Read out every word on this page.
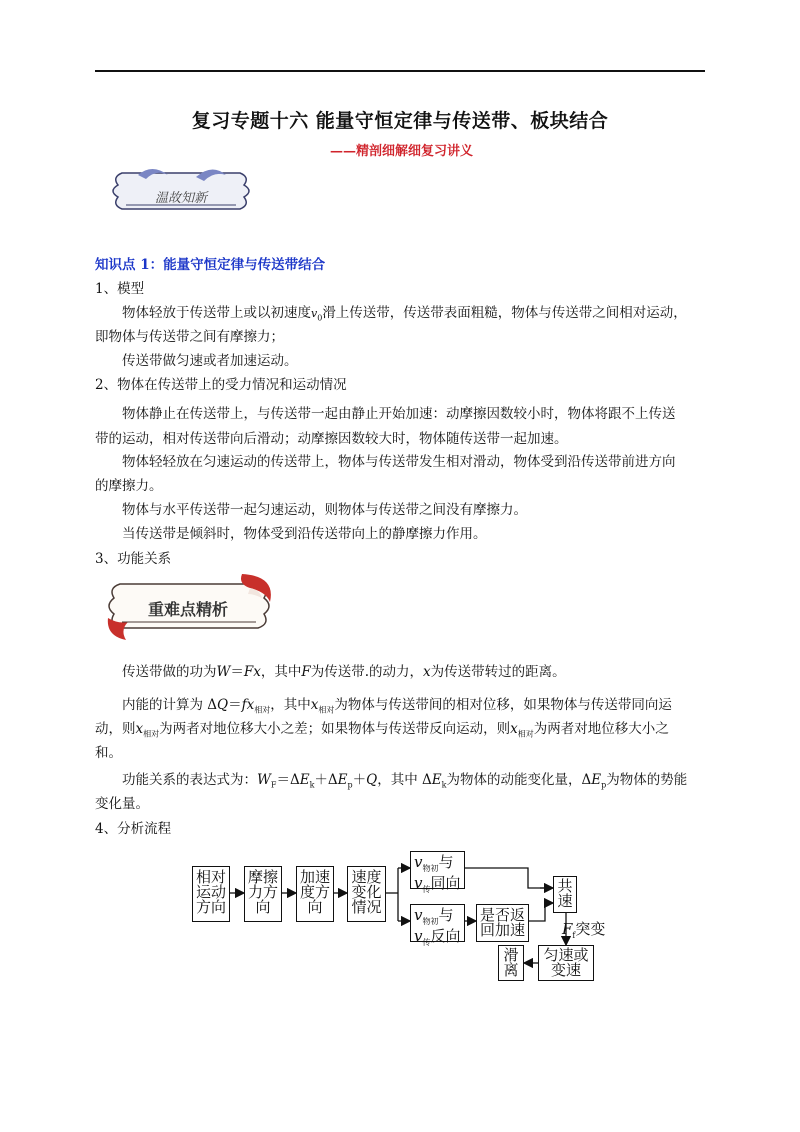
复习专题十六 能量守恒定律与传送带、板块结合
——精剖细解细复习讲义
温故知新
知识点 1：能量守恒定律与传送带结合
1、模型
物体轻放于传送带上或以初速度$v_0$滑上传送带，传送带表面粗糙，物体与传送带之间相对运动，
即物体与传送带之间有摩擦力；
传送带做匀速或者加速运动。
2、物体在传送带上的受力情况和运动情况
物体静止在传送带上，与传送带一起由静止开始加速：动摩擦因数较小时，物体将跟不上传送
带的运动，相对传送带向后滑动；动摩擦因数较大时，物体随传送带一起加速。
物体轻轻放在匀速运动的传送带上，物体与传送带发生相对滑动，物体受到沿传送带前进方向
的摩擦力。
物体与水平传送带一起匀速运动，则物体与传送带之间没有摩擦力。
当传送带是倾斜时，物体受到沿传送带向上的静摩擦力作用。
3、功能关系
重难点精析
传送带做的功为W＝Fx，其中F为传送带.的动力，x为传送带转过的距离。
内能的计算为 $\Delta Q=fx_{相对}$，其中$x_{相对}$为物体与传送带间的相对位移，如果物体与传送带同向运
动，则$x_{相对}$为两者对地位移大小之差；如果物体与传送带反向运动，则$x_{相对}$为两者对地位移大小之
和。
功能关系的表达式为：$W_F=\Delta E_k+\Delta E_p+Q$，其中 $\Delta E_k$为物体的动能变化量，$\Delta E_p$为物体的势能
变化量。
4、分析流程
相对
运动
方向
摩擦
力方
向
加速
度方
向
速度
变化
情况
$v_{物初}$与
$v_传$同向
$v_{物初}$与
$v_传$反向
是否返
回加速
共
速
$F_f$突变
匀速或
变速
滑
离
